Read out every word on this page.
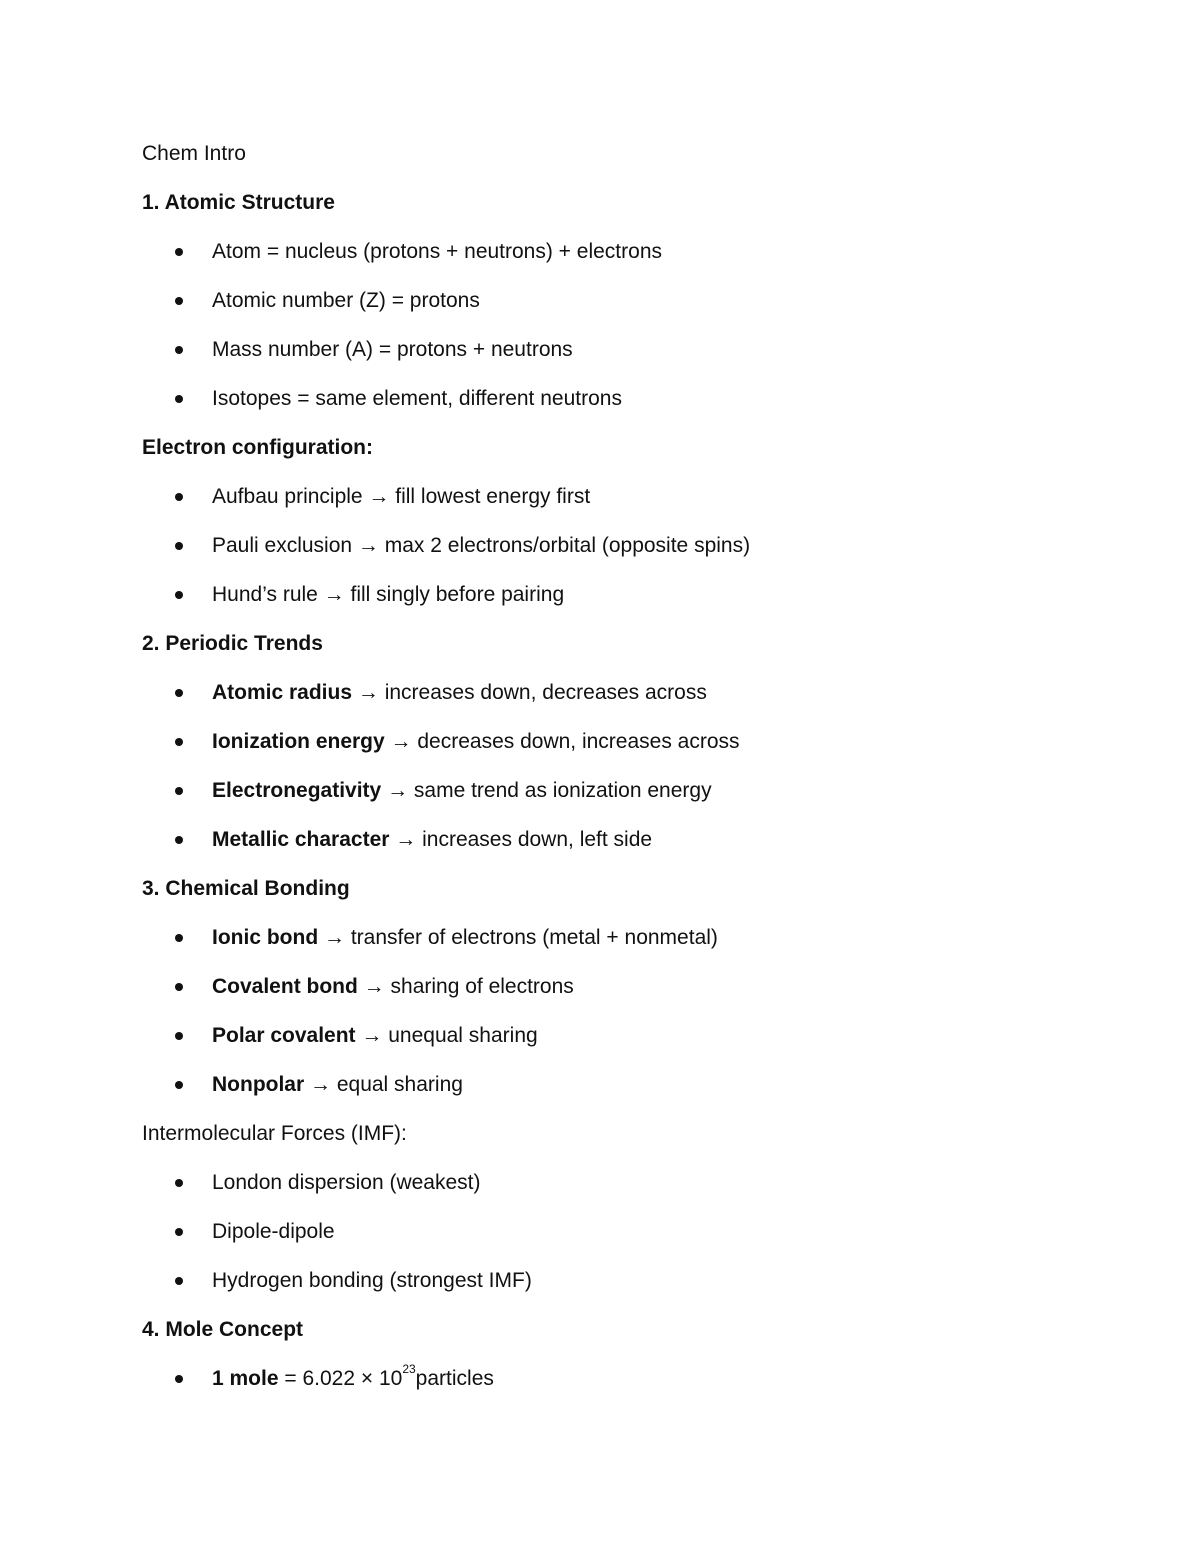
Chem Intro
1. Atomic Structure
Atom = nucleus (protons + neutrons) + electrons
Atomic number (Z) = protons
Mass number (A) = protons + neutrons
Isotopes = same element, different neutrons
Electron configuration:
Aufbau principle → fill lowest energy first
Pauli exclusion → max 2 electrons/orbital (opposite spins)
Hund’s rule → fill singly before pairing
2. Periodic Trends
Atomic radius → increases down, decreases across
Ionization energy → decreases down, increases across
Electronegativity → same trend as ionization energy
Metallic character → increases down, left side
3. Chemical Bonding
Ionic bond → transfer of electrons (metal + nonmetal)
Covalent bond → sharing of electrons
Polar covalent → unequal sharing
Nonpolar → equal sharing
Intermolecular Forces (IMF):
London dispersion (weakest)
Dipole-dipole
Hydrogen bonding (strongest IMF)
4. Mole Concept
1 mole = $6.022 \times 10^{23}particles$
